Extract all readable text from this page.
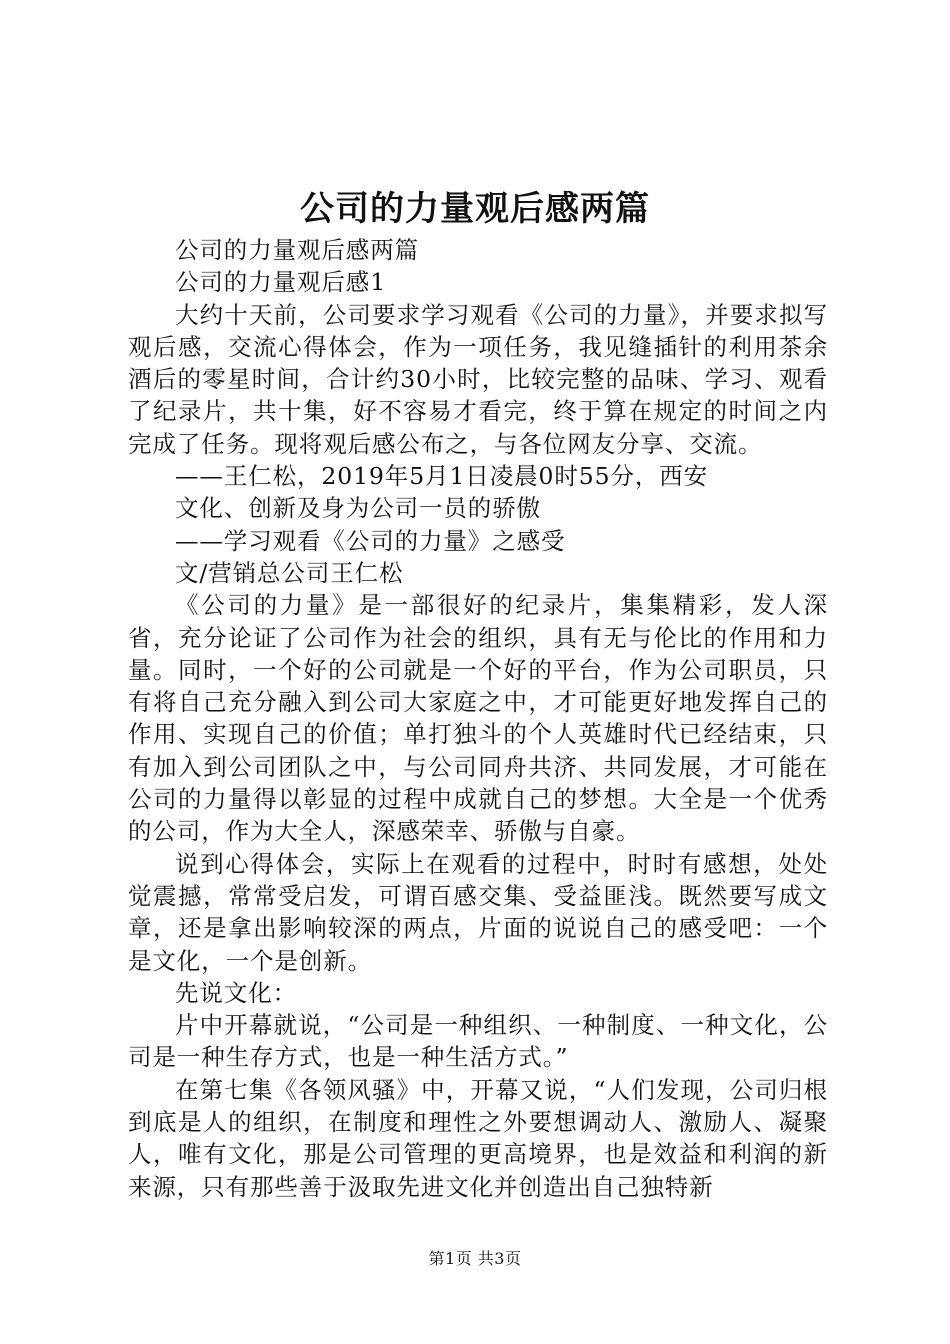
公司的力量观后感两篇

公司的力量观后感两篇

公司的力量观后感1

大约十天前，公司要求学习观看《公司的力量》，并要求拟写观后感，交流心得体会，作为一项任务，我见缝插针的利用茶余酒后的零星时间，合计约30小时，比较完整的品味、学习、观看了纪录片，共十集，好不容易才看完，终于算在规定的时间之内完成了任务。现将观后感公布之，与各位网友分享、交流。

——王仁松，2019年5月1日凌晨0时55分，西安

文化、创新及身为公司一员的骄傲

——学习观看《公司的力量》之感受

文/营销总公司王仁松

《公司的力量》是一部很好的纪录片，集集精彩，发人深省，充分论证了公司作为社会的组织，具有无与伦比的作用和力量。同时，一个好的公司就是一个好的平台，作为公司职员，只有将自己充分融入到公司大家庭之中，才可能更好地发挥自己的作用、实现自己的价值；单打独斗的个人英雄时代已经结束，只有加入到公司团队之中，与公司同舟共济、共同发展，才可能在公司的力量得以彰显的过程中成就自己的梦想。大全是一个优秀的公司，作为大全人，深感荣幸、骄傲与自豪。

说到心得体会，实际上在观看的过程中，时时有感想，处处觉震撼，常常受启发，可谓百感交集、受益匪浅。既然要写成文章，还是拿出影响较深的两点，片面的说说自己的感受吧：一个是文化，一个是创新。

先说文化：

片中开幕就说，“公司是一种组织、一种制度、一种文化，公司是一种生存方式，也是一种生活方式。”

在第七集《各领风骚》中，开幕又说，“人们发现，公司归根到底是人的组织，在制度和理性之外要想调动人、激励人、凝聚人，唯有文化，那是公司管理的更高境界，也是效益和利润的新来源，只有那些善于汲取先进文化并创造出自己独特新

第1页 共3页
